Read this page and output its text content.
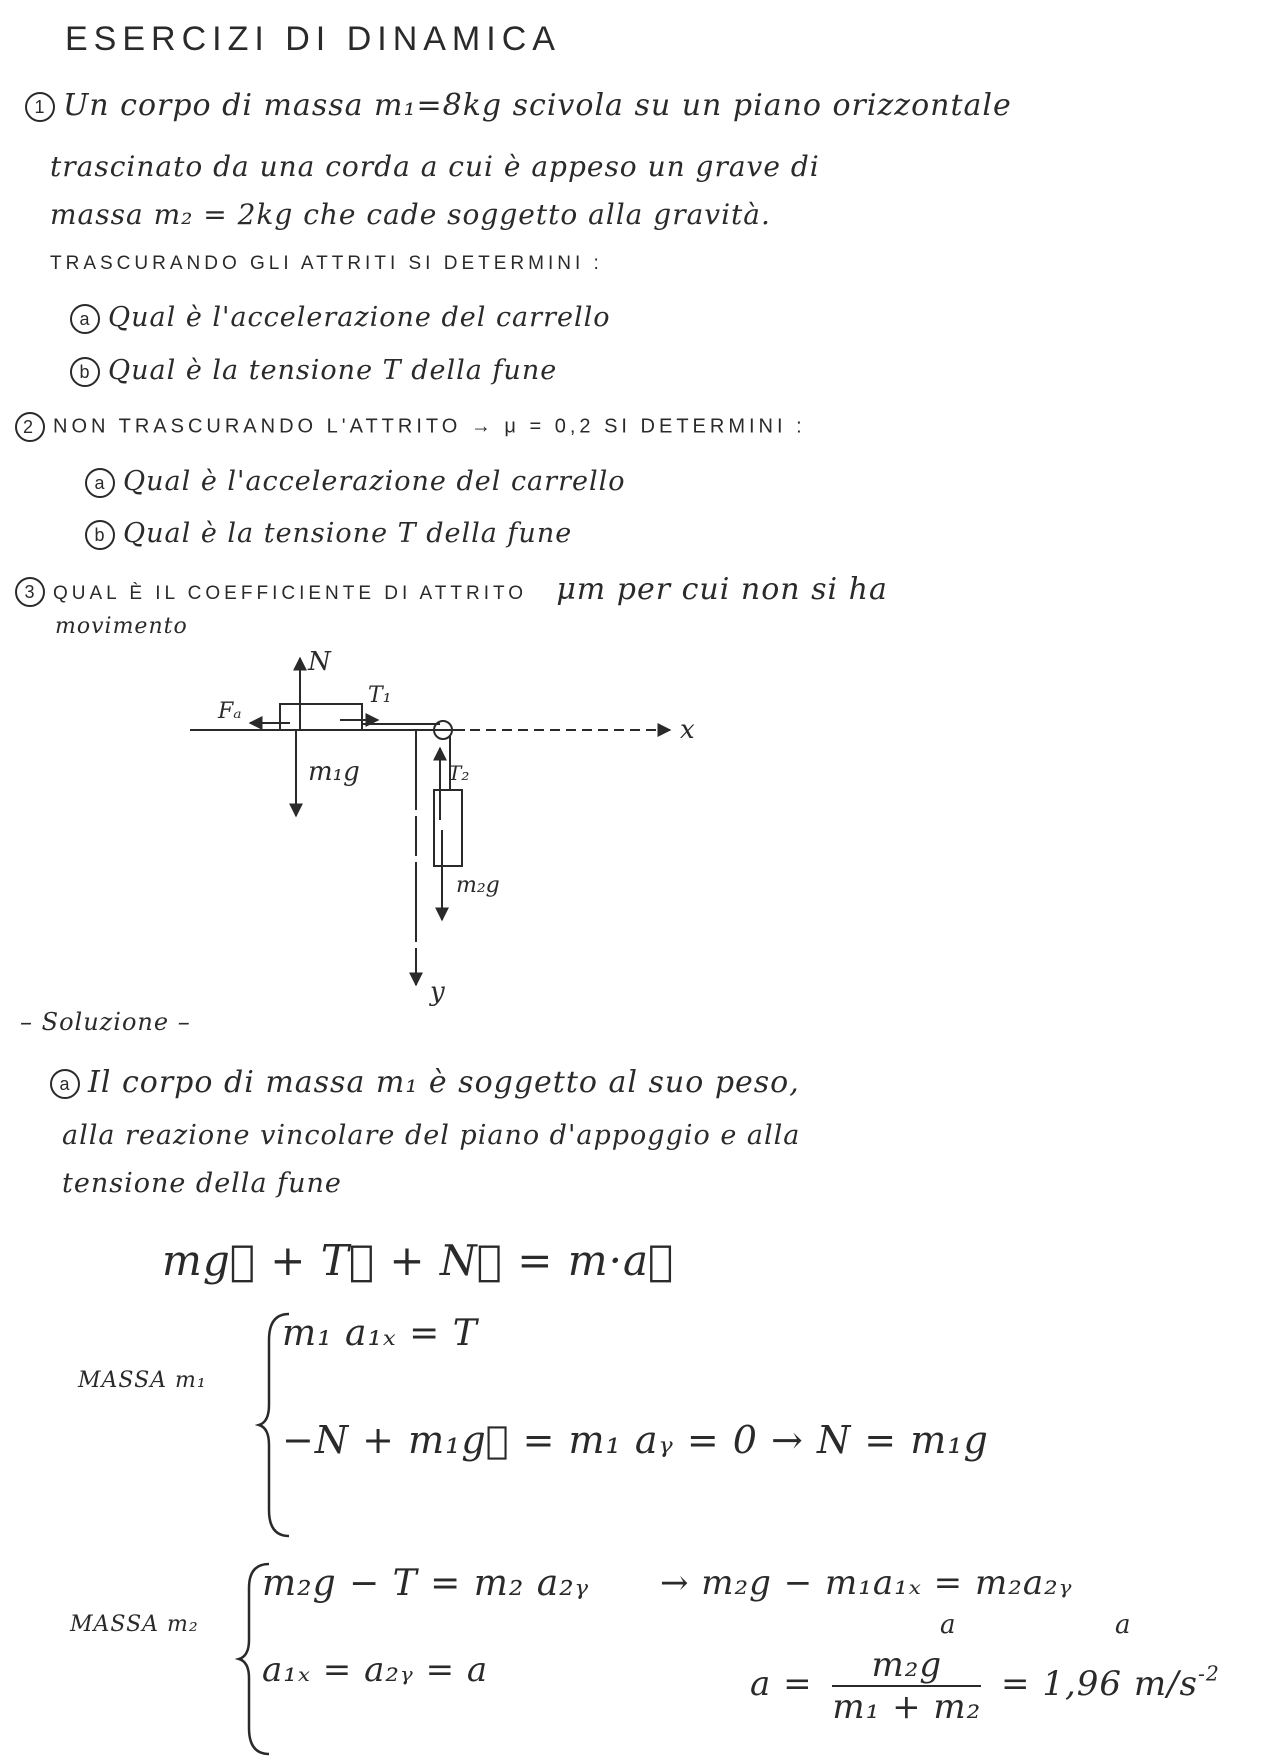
ESERCIZI DI DINAMICA
1 Un corpo di massa m₁=8kg scivola su un piano orizzontale
trascinato da una corda a cui è appeso un grave di
massa m₂ = 2kg che cade soggetto alla gravità.
TRASCURANDO GLI ATTRITI SI DETERMINI :
a Qual è l'accelerazione del carrello
b Qual è la tensione T della fune
2 NON TRASCURANDO L'ATTRITO → μ = 0,2 SI DETERMINI :
a Qual è l'accelerazione del carrello
b Qual è la tensione T della fune
3 QUAL È IL COEFFICIENTE DI ATTRITO μm per cui non si ha
movimento
N
T₁
Fₐ
m₁g	T₂
m₂g
x
y
– Soluzione –
a Il corpo di massa m₁ è soggetto al suo peso,
alla reazione vincolare del piano d'appoggio e alla
tensione della fune
mg⃗ + T⃗ + N⃗ = m·a⃗
MASSA m₁
m₁ a₁ₓ = T
−N + m₁g⃗ = m₁ aᵧ = 0 → N = m₁g
MASSA m₂
m₂g − T = m₂ a₂ᵧ → m₂g − m₁a₁ₓ = m₂a₂ᵧ
a	a
a₁ₓ = a₂ᵧ = a	$a = \frac{\text{m₂g}}{\text{m₁ + m₂}} = 1,96$ $m/s^{-2}$
